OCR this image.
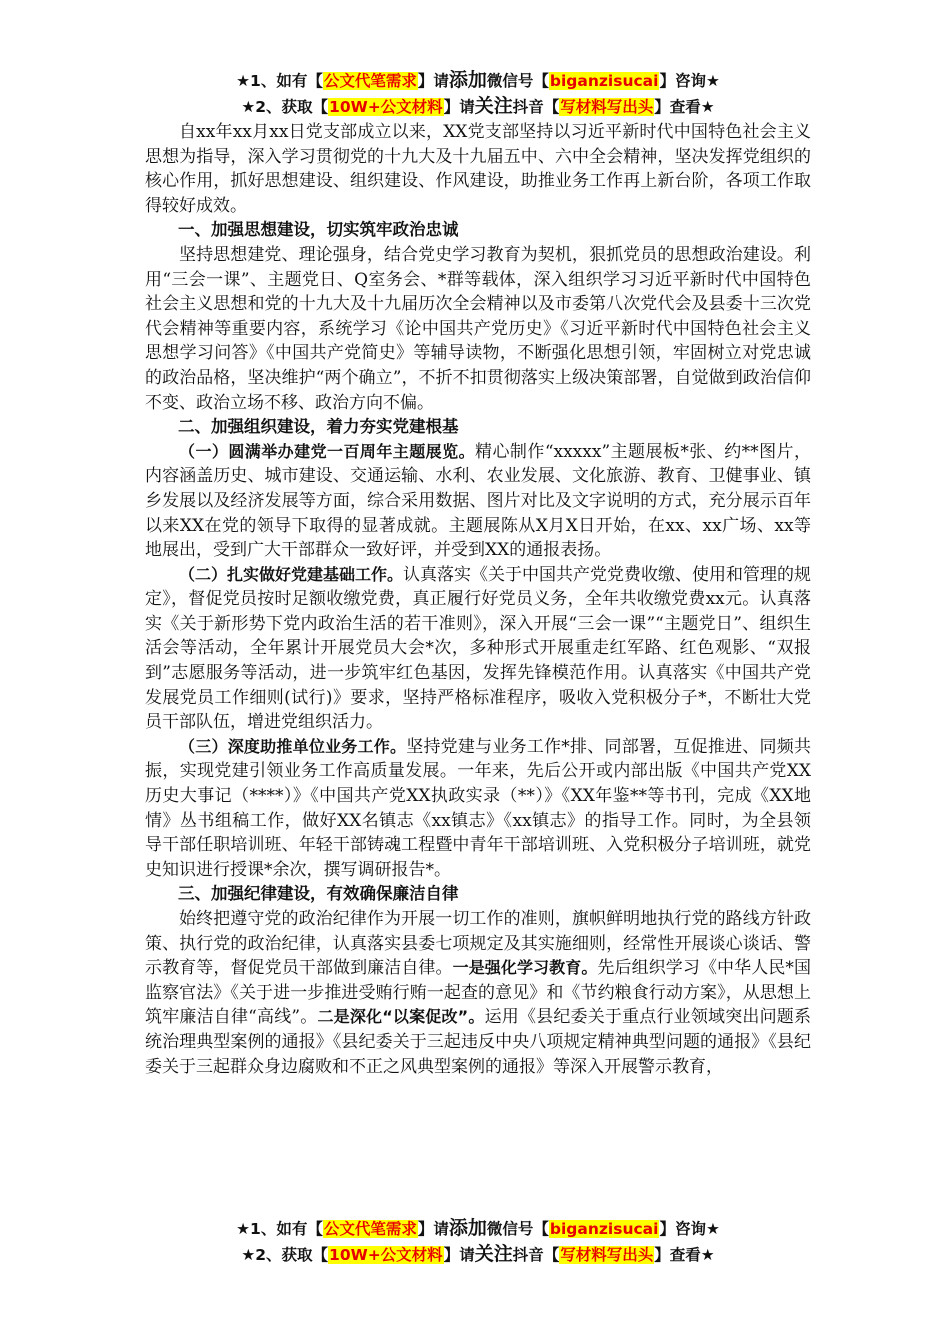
★1、如有【公文代笔需求】请添加微信号【biganzisucai】咨询★
★2、获取【10W+公文材料】请关注抖音【写材料写出头】查看★

自xx年xx月xx日党支部成立以来，XX党支部坚持以习近平新时代中国特色社会主义思想为指导，深入学习贯彻党的十九大及十九届五中、六中全会精神，坚决发挥党组织的核心作用，抓好思想建设、组织建设、作风建设，助推业务工作再上新台阶，各项工作取得较好成效。

一、加强思想建设，切实筑牢政治忠诚

坚持思想建党、理论强身，结合党史学习教育为契机，狠抓党员的思想政治建设。利用“三会一课”、主题党日、Q室务会、*群等载体，深入组织学习习近平新时代中国特色社会主义思想和党的十九大及十九届历次全会精神以及市委第八次党代会及县委十三次党代会精神等重要内容，系统学习《论中国共产党历史》《习近平新时代中国特色社会主义思想学习问答》《中国共产党简史》等辅导读物，不断强化思想引领，牢固树立对党忠诚的政治品格，坚决维护“两个确立”，不折不扣贯彻落实上级决策部署，自觉做到政治信仰不变、政治立场不移、政治方向不偏。

二、加强组织建设，着力夯实党建根基

（一）圆满举办建党一百周年主题展览。精心制作“xxxxx”主题展板*张、约**图片，内容涵盖历史、城市建设、交通运输、水利、农业发展、文化旅游、教育、卫健事业、镇乡发展以及经济发展等方面，综合采用数据、图片对比及文字说明的方式，充分展示百年以来XX在党的领导下取得的显著成就。主题展陈从X月X日开始，在xx、xx广场、xx等地展出，受到广大干部群众一致好评，并受到XX的通报表扬。

（二）扎实做好党建基础工作。认真落实《关于中国共产党党费收缴、使用和管理的规定》，督促党员按时足额收缴党费，真正履行好党员义务，全年共收缴党费xx元。认真落实《关于新形势下党内政治生活的若干准则》，深入开展“三会一课”“主题党日”、组织生活会等活动，全年累计开展党员大会*次，多种形式开展重走红军路、红色观影、“双报到”志愿服务等活动，进一步筑牢红色基因，发挥先锋模范作用。认真落实《中国共产党发展党员工作细则(试行)》要求，坚持严格标准程序，吸收入党积极分子*，不断壮大党员干部队伍，增进党组织活力。

（三）深度助推单位业务工作。坚持党建与业务工作*排、同部署，互促推进、同频共振，实现党建引领业务工作高质量发展。一年来，先后公开或内部出版《中国共产党XX历史大事记（****）》《中国共产党XX执政实录（**）》《XX年鉴**等书刊，完成《XX地情》丛书组稿工作，做好XX名镇志《xx镇志》《xx镇志》的指导工作。同时，为全县领导干部任职培训班、年轻干部铸魂工程暨中青年干部培训班、入党积极分子培训班，就党史知识进行授课*余次，撰写调研报告*。

三、加强纪律建设，有效确保廉洁自律

始终把遵守党的政治纪律作为开展一切工作的准则，旗帜鲜明地执行党的路线方针政策、执行党的政治纪律，认真落实县委七项规定及其实施细则，经常性开展谈心谈话、警示教育等，督促党员干部做到廉洁自律。一是强化学习教育。先后组织学习《中华人民*国监察官法》《关于进一步推进受贿行贿一起查的意见》和《节约粮食行动方案》，从思想上筑牢廉洁自律“高线”。二是深化“以案促改”。运用《县纪委关于重点行业领域突出问题系统治理典型案例的通报》《县纪委关于三起违反中央八项规定精神典型问题的通报》《县纪委关于三起群众身边腐败和不正之风典型案例的通报》等深入开展警示教育，

★1、如有【公文代笔需求】请添加微信号【biganzisucai】咨询★
★2、获取【10W+公文材料】请关注抖音【写材料写出头】查看★
